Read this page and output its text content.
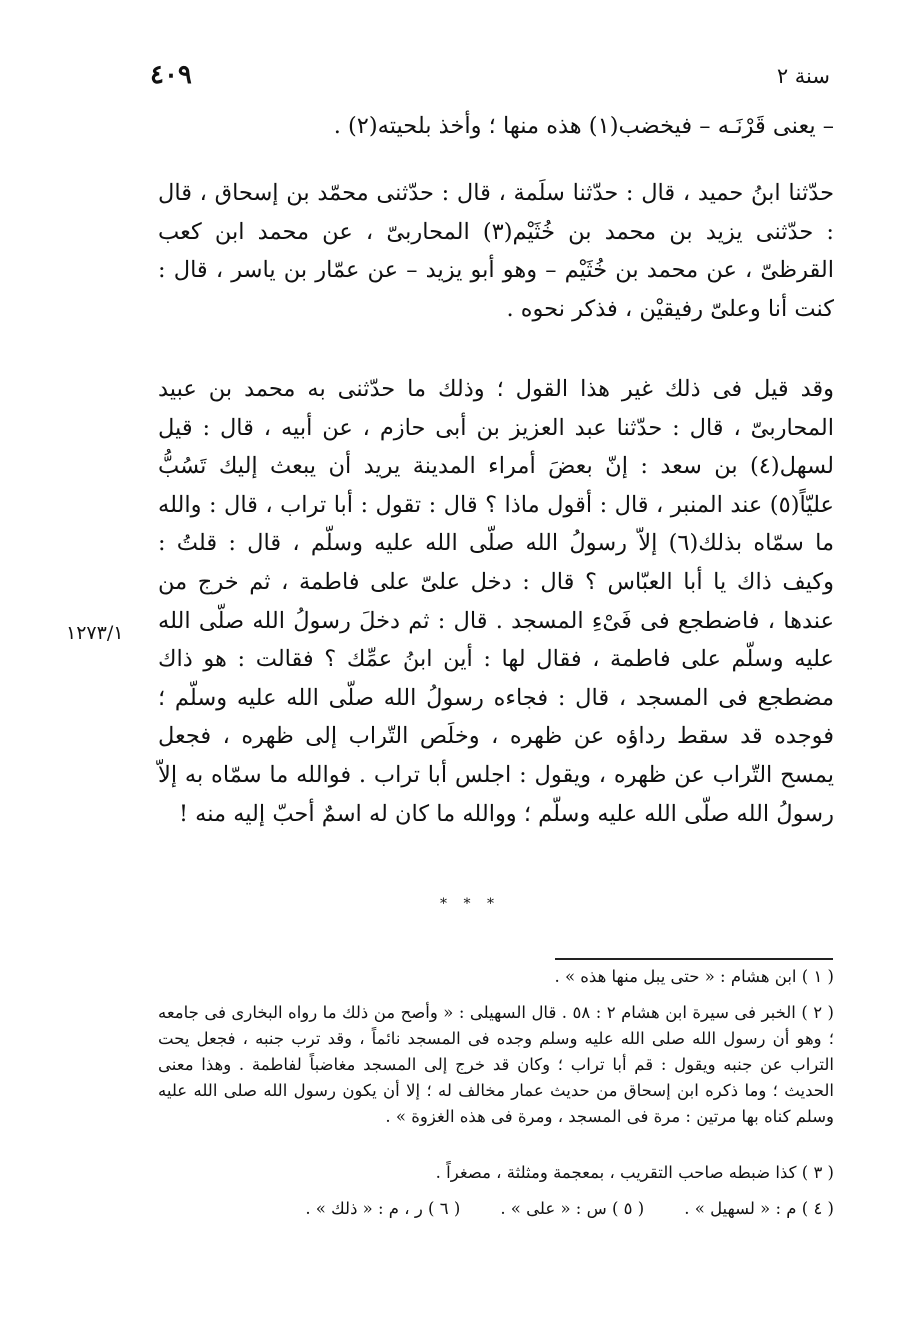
سنة ٢
٤٠٩

– يعنى قَرْنَـه – فيخضب(١) هذه منها ؛ وأخذ بلحيته(٢) .

حدّثنا ابنُ حميد ، قال : حدّثنا سلَمة ، قال : حدّثنى محمّد بن إسحاق ، قال : حدّثنى يزيد بن محمد بن خُثَيْم(٣) المحاربىّ ، عن محمد ابن كعب القرظىّ ، عن محمد بن خُثَيْم – وهو أبو يزيد – عن عمّار بن ياسر ، قال : كنت أنا وعلىّ رفيقيْن ، فذكر نحوه .

وقد قيل فى ذلك غير هذا القول ؛ وذلك ما حدّثنى به محمد بن عبيد المحاربىّ ، قال : حدّثنا عبد العزيز بن أبى حازم ، عن أبيه ، قال : قيل لسهل(٤) بن سعد : إنّ بعضَ أمراء المدينة يريد أن يبعث إليك تَسُبُّ عليّاً(٥) عند المنبر ، قال : أقول ماذا ؟ قال : تقول : أبا تراب ، قال : والله ما سمّاه بذلك(٦) إلاّ رسولُ الله صلّى الله عليه وسلّم ، قال : قلتُ : وكيف ذاك يا أبا العبّاس ؟ قال : دخل علىّ على فاطمة ، ثم خرج من عندها ، فاضطجع فى فَىْءِ المسجد . قال : ثم دخلَ رسولُ الله صلّى الله عليه وسلّم على فاطمة ، فقال لها : أين ابنُ عمِّك ؟ فقالت : هو ذاك مضطجع فى المسجد ، قال : فجاءه رسولُ الله صلّى الله عليه وسلّم ؛ فوجده قد سقط رداؤه عن ظهره ، وخلَص التّراب إلى ظهره ، فجعل يمسح التّراب عن ظهره ، ويقول : اجلس أبا تراب . فوالله ما سمّاه به إلاّ رسولُ الله صلّى الله عليه وسلّم ؛ ووالله ما كان له اسمٌ أحبّ إليه منه !

١٢٧٣/١
* * *

( ١ ) ابن هشام : « حتى يبل منها هذه » .

( ٢ ) الخبر فى سيرة ابن هشام ٢ : ٥٨ . قال السهيلى : « وأصح من ذلك ما رواه البخارى فى جامعه ؛ وهو أن رسول الله صلى الله عليه وسلم وجده فى المسجد نائماً ، وقد ترب جنبه ، فجعل يحت التراب عن جنبه ويقول : قم أبا تراب ؛ وكان قد خرج إلى المسجد مغاضباً لفاطمة . وهذا معنى الحديث ؛ وما ذكره ابن إسحاق من حديث عمار مخالف له ؛ إلا أن يكون رسول الله صلى الله عليه وسلم كناه بها مرتين : مرة فى المسجد ، ومرة فى هذه الغزوة » .

( ٣ ) كذا ضبطه صاحب التقريب ، بمعجمة ومثلثة ، مصغراً .

( ٤ ) م : « لسهيل » .
( ٥ ) س : « على » .
( ٦ ) ر ، م : « ذلك » .
